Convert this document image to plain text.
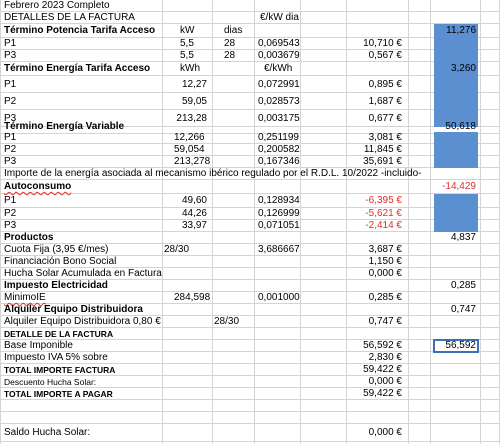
Febrero 2023 Completo
DETALLES DE LA FACTURA	€/kW dia
Término Potencia Tarifa Acceso kW	dias	11,276
P1	5,5	28 0,069543	10,710 €
P3	5,5	28 0,003679	0,567 €
Término Energía Tarifa Acceso	kWh	€/kWh	3,260
P1	12,27	0,072991	0,895 €
P2	59,05	0,028573	1,687 €
P3	213,28	0,003175	0,677 €
Término Energía Variable	50,618
P1	12,266	0,251199	3,081 €
P2	59,054	0,200582	11,845 €
P3	213,278	0,167346	35,691 €
Importe de la energía asociada al mecanismo ibérico regulado por el R.D.L. 10/2022 -incluido-
Autoconsumo	-14,429
P1	49,60	0,128934	-6,395 €
P2	44,26	0,126999	-5,621 €
P3	33,97	0,071051	-2,414 €
Productos	4,837
Cuota Fija (3,95 €/mes)	28/30	3,686667	3,687 €
Financiación Bono Social	1,150 €
Hucha Solar Acumulada en Factura	0,000 €
Impuesto Electricidad	0,285
MinimoIE	284,598	0,001000	0,285 €
Alquiler Equipo Distribuidora	0,747
Alquiler Equipo Distribuidora 0,80 €	28/30	0,747 €
DETALLE DE LA FACTURA
Base Imponible	56,592 €	56,592
Impuesto IVA 5% sobre	2,830 €
TOTAL IMPORTE FACTURA	59,422 €
Descuento Hucha Solar:	0,000 €
TOTAL IMPORTE A PAGAR	59,422 €
Saldo Hucha Solar:	0,000 €
